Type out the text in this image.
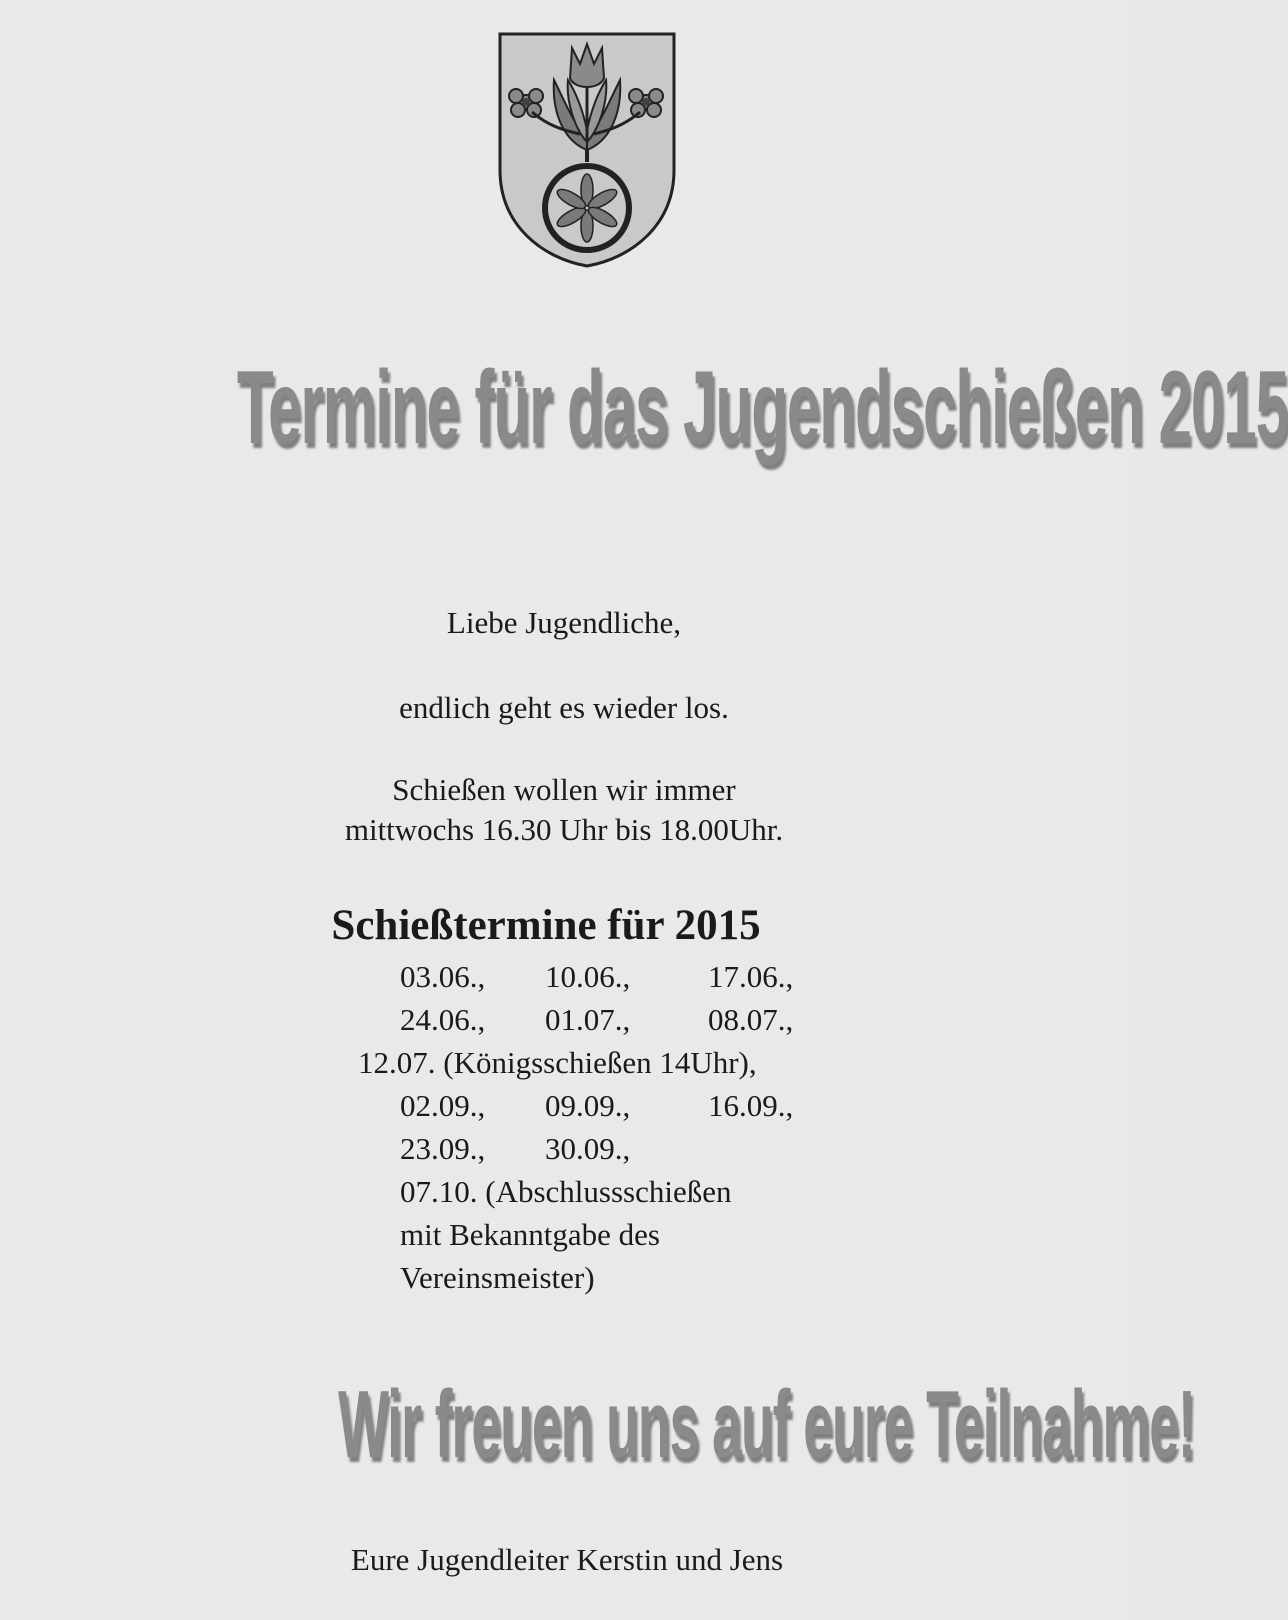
Termine für das Jugendschießen 2015
Liebe Jugendliche,
endlich geht es wieder los.
Schießen wollen wir immer
mittwochs 16.30 Uhr bis 18.00Uhr.
Schießtermine für 2015
03.06., 10.06.,	17.06.,
24.06., 01.07.,	08.07.,
12.07. (Königsschießen 14Uhr),
02.09., 09.09.,	16.09.,
23.09., 30.09.,
07.10. (Abschlussschießen
mit Bekanntgabe des
Vereinsmeister)
Wir freuen uns auf eure Teilnahme!
Eure Jugendleiter Kerstin und Jens
